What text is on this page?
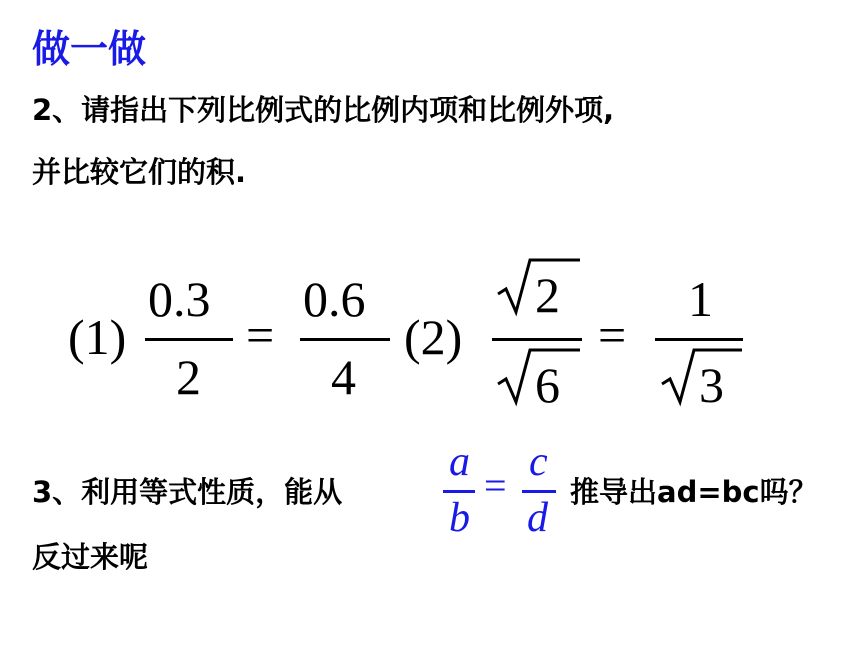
做一做
2、请指出下列比例式的比例内项和比例外项,
并比较它们的积.
(1)
0.3
2
=
0.6
4
(2)
2
6
=
1
3
3、利用等式性质，能从
a
b
=
c
d
推导出ad=bc吗？
反过来呢
